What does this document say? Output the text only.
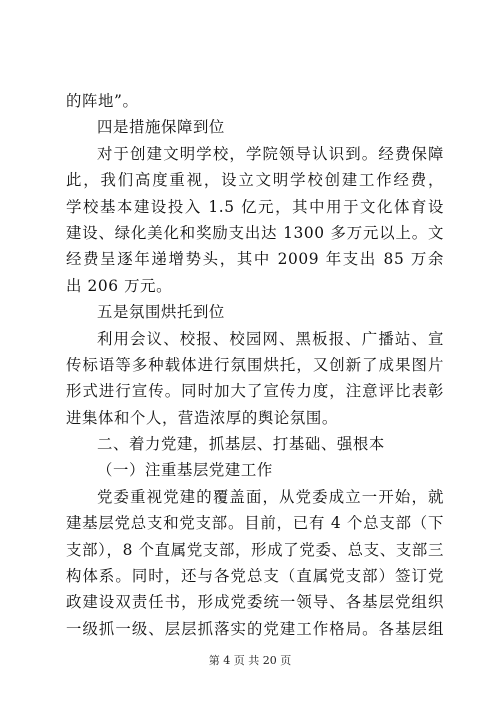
的阵地”。
四是措施保障到位
对于创建文明学校，学院领导认识到。经费保障
此，我们高度重视，设立文明学校创建工作经费，
学校基本建设投入 1.5 亿元，其中用于文化体育设
建设、绿化美化和奖励支出达 1300 多万元以上。文
经费呈逐年递增势头，其中 2009 年支出 85 万余
出 206 万元。
五是氛围烘托到位
利用会议、校报、校园网、黑板报、广播站、宣
传标语等多种载体进行氛围烘托，又创新了成果图片
形式进行宣传。同时加大了宣传力度，注意评比表彰
进集体和个人，营造浓厚的舆论氛围。
二、着力党建，抓基层、打基础、强根本
（一）注重基层党建工作
党委重视党建的覆盖面，从党委成立一开始，就
建基层党总支和党支部。目前，已有 4 个总支部（下
支部），8 个直属党支部，形成了党委、总支、支部三
构体系。同时，还与各党总支（直属党支部）签订党
政建设双责任书，形成党委统一领导、各基层党组织
一级抓一级、层层抓落实的党建工作格局。各基层组
第 4 页 共 20 页
